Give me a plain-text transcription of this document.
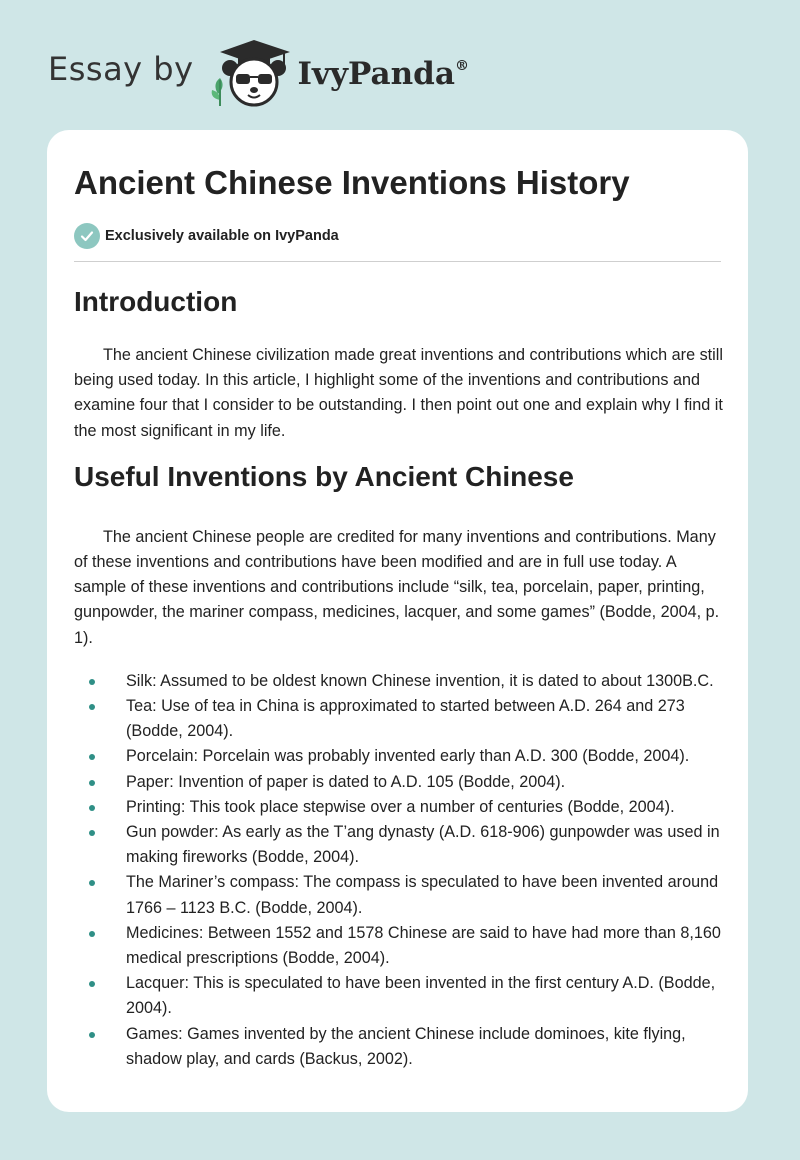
Essay by	IvyPanda®
Ancient Chinese Inventions History
Exclusively available on IvyPanda
Introduction

The ancient Chinese civilization made great inventions and contributions which are still being used today. In this article, I highlight some of the inventions and contributions and examine four that I consider to be outstanding. I then point out one and explain why I find it the most significant in my life.

Useful Inventions by Ancient Chinese

The ancient Chinese people are credited for many inventions and contributions. Many of these inventions and contributions have been modified and are in full use today. A sample of these inventions and contributions include “silk, tea, porcelain, paper, printing, gunpowder, the mariner compass, medicines, lacquer, and some games” (Bodde, 2004, p. 1).

Silk: Assumed to be oldest known Chinese invention, it is dated to about 1300B.C.
Tea: Use of tea in China is approximated to started between A.D. 264 and 273 (Bodde, 2004).
Porcelain: Porcelain was probably invented early than A.D. 300 (Bodde, 2004).
Paper: Invention of paper is dated to A.D. 105 (Bodde, 2004).
Printing: This took place stepwise over a number of centuries (Bodde, 2004).
Gun powder: As early as the T’ang dynasty (A.D. 618-906) gunpowder was used in making fireworks (Bodde, 2004).
The Mariner’s compass: The compass is speculated to have been invented around 1766 – 1123 B.C. (Bodde, 2004).
Medicines: Between 1552 and 1578 Chinese are said to have had more than 8,160 medical prescriptions (Bodde, 2004).
Lacquer: This is speculated to have been invented in the first century A.D. (Bodde, 2004).
Games: Games invented by the ancient Chinese include dominoes, kite flying, shadow play, and cards (Backus, 2002).
